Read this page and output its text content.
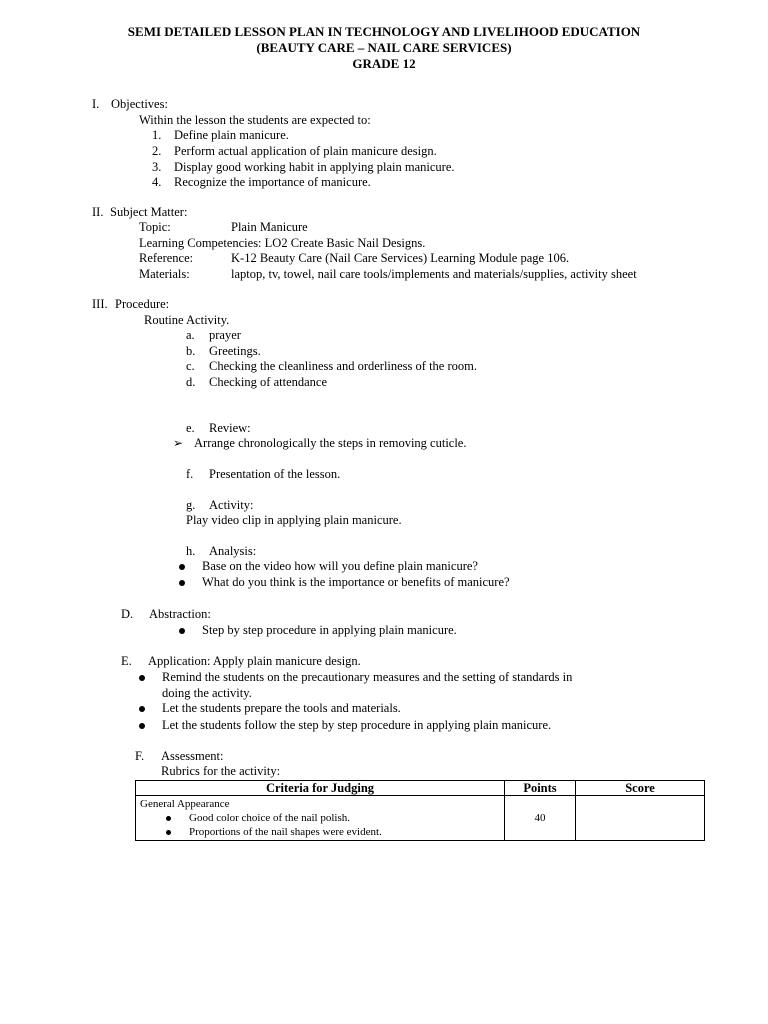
SEMI DETAILED LESSON PLAN IN TECHNOLOGY AND LIVELIHOOD EDUCATION
(BEAUTY CARE – NAIL CARE SERVICES)
GRADE 12
I. Objectives:
Within the lesson the students are expected to:
1. Define plain manicure.
2. Perform actual application of plain manicure design.
3. Display good working habit in applying plain manicure.
4. Recognize the importance of manicure.
II. Subject Matter:
Topic:	Plain Manicure
Learning Competencies: LO2 Create Basic Nail Designs.
Reference:	K-12 Beauty Care (Nail Care Services) Learning Module page 106.
Materials:	laptop, tv, towel, nail care tools/implements and materials/supplies, activity sheet
III. Procedure:
Routine Activity.
a. prayer
b. Greetings.
c. Checking the cleanliness and orderliness of the room.
d. Checking of attendance
e. Review:
➢ Arrange chronologically the steps in removing cuticle.
f. Presentation of the lesson.
g. Activity:
Play video clip in applying plain manicure.
h. Analysis:
Base on the video how will you define plain manicure?
What do you think is the importance or benefits of manicure?
D. Abstraction:
Step by step procedure in applying plain manicure.
E. Application: Apply plain manicure design.
Remind the students on the precautionary measures and the setting of standards in
doing the activity.
Let the students prepare the tools and materials.
Let the students follow the step by step procedure in applying plain manicure.
F. Assessment:
Rubrics for the activity:
Criteria for Judging	Points	Score

General Appearance
Good color choice of the nail polish.
Proportions of the nail shapes were evident.	40	
